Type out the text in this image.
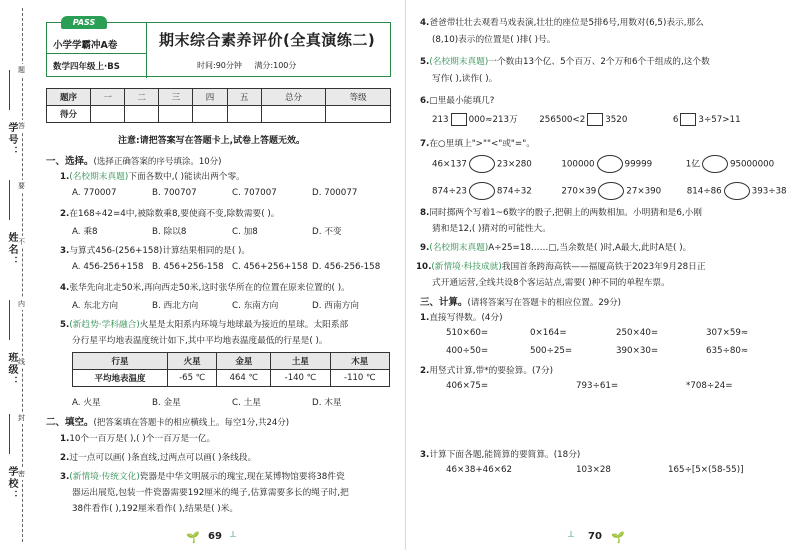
学号：
姓名：
班级：
学校：
题
答
要
不
内
线
封
密
PASS
小学学霸冲A卷
数学四年级上·BS
期末综合素养评价(全真演练二)
时间:90分钟 满分:100分
题序	一	二	三	四	五	总分	等级
得分							
注意:请把答案写在答题卡上,试卷上答题无效。
一、选择。(选择正确答案的序号填涂。10分)
1.(名校期末真题)下面各数中,( )能读出两个零。
A. 770007	B. 700707	C. 707007	D. 700077
2.在168÷42=4中,被除数乘8,要使商不变,除数需要( )。
A. 乘8	B. 除以8	C. 加8	D. 不变
3.与算式456-(256+158)计算结果相同的是( )。
A. 456-256+158 B. 456+256-158 C. 456+256+158 D. 456-256-158
4.张华先向北走50米,再向西走50米,这时张华所在的位置在原来位置的( )。
A. 东北方向	B. 西北方向	C. 东南方向	D. 西南方向
5.(新趋势·学科融合)火星是太阳系内环境与地球最为接近的星球。太阳系部
分行星平均地表温度统计如下,其中平均地表温度最低的行星是( )。
行星	火星	金星	土星	木星
平均地表温度	-65 ℃	464 ℃	-140 ℃	-110 ℃
A. 火星	B. 金星	C. 土星	D. 木星
二、填空。(把答案填在答题卡的相应横线上。每空1分,共24分)
1.10个一百万是( ),( )个一百万是一亿。
2.过一点可以画( )条直线,过两点可以画( )条线段。
3.(新情境·传统文化)瓷器是中华文明展示的瑰宝,现在某博物馆要将38件瓷
器运出展览,包装一件瓷器需要192厘米的绳子,估算需要多长的绳子时,把
38件看作( ),192厘米看作( ),结果是( )米。
🌱 69 ⟂
4.爸爸带壮壮去观看马戏表演,壮壮的座位是5排6号,用数对(6,5)表示,那么
(8,10)表示的位置是( )排( )号。
5.(名校期末真题)一个数由13个亿、5个百万、2个万和6个千组成的,这个数
写作( ),读作( )。
6.□里最小能填几?
213 000≈213万 256500<2 3520	6 3÷57>11
7.在○里填上">""<"或"="。
46×137	23×280	100000	99999	1亿	95000000
874÷23	874÷32	270×39	27×390	814÷86	393÷38
8.同时掷两个写着1~6数字的骰子,把朝上的两数相加。小明猜和是6,小刚
猜和是12,( )猜对的可能性大。
9.(名校期末真题)A÷25=18……□,当余数是( )时,A最大,此时A是( )。
10.(新情境·科技成就)我国首条跨海高铁——福厦高铁于2023年9月28日正
式开通运营,全线共设8个客运站点,需要( )种不同的单程车票。
三、计算。(请将答案写在答题卡的相应位置。29分)
1.直接写得数。(4分)
510×60=	0×164=	250×40=	307×59≈
400÷50=	500÷25=	390×30=	635÷80≈
2.用竖式计算,带*的要验算。(7分)
406×75=	793÷61=	*708÷24=
3.计算下面各题,能简算的要简算。(18分)
46×38+46×62	103×28	165÷[5×(58-55)]
⟂ 70 🌱
